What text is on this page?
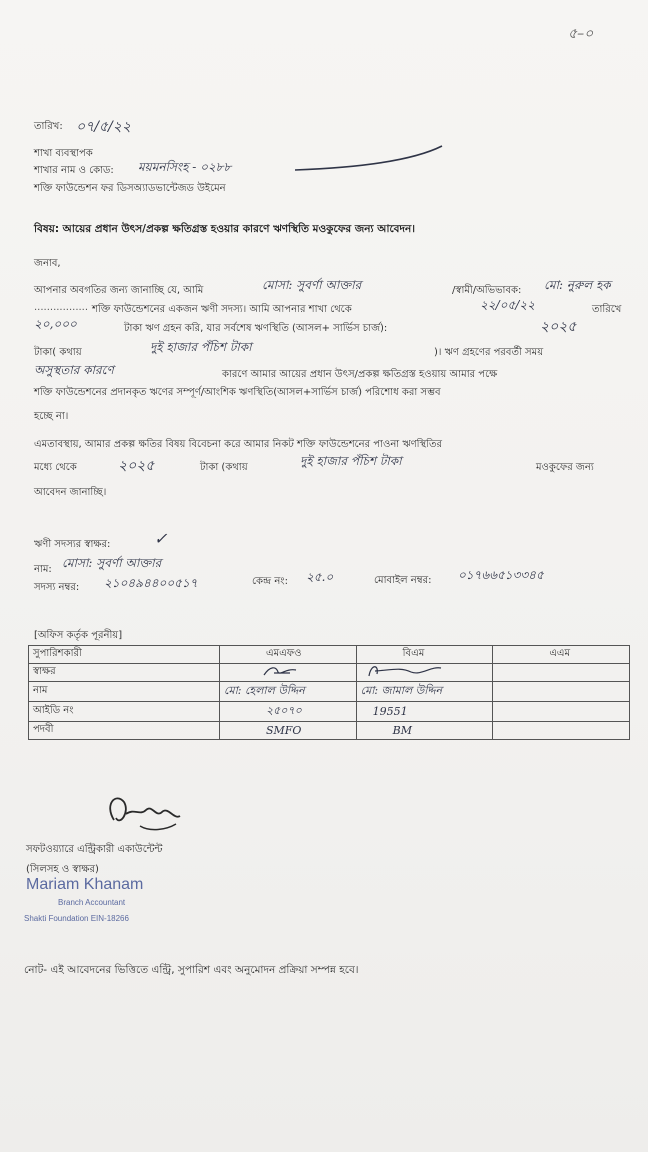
৫–০
তারিখ: ০৭/৫/২২
শাখা ব্যবস্থাপক
শাখার নাম ও কোড: ময়মনসিংহ - ০২৮৮
শক্তি ফাউন্ডেশন ফর ডিসঅ্যাডভান্টেজড উইমেন
বিষয়: আয়ের প্রধান উৎস/প্রকল্প ক্ষতিগ্রস্ত হওয়ার কারণে ঋণস্থিতি মওকুফের জন্য আবেদন।
জনাব,
আপনার অবগতির জন্য জানাচ্ছি যে, আমি	মোসা: সুবর্ণা আক্তার	/স্বামী/অভিভাবক: মো: নুরুল হক
................. শক্তি ফাউন্ডেশনের একজন ঋণী সদস্য। আমি আপনার শাখা থেকে	২২/০৫/২২	তারিখে
২০,০০০	টাকা ঋণ গ্রহন করি, যার সর্বশেষ ঋণস্থিতি (আসল+ সার্ভিস চার্জ):	২০২৫
টাকা( কথায়	দুই হাজার পঁচিশ টাকা	)। ঋণ গ্রহণের পরবর্তী সময়
অসুস্থতার কারণে	কারণে আমার আয়ের প্রধান উৎস/প্রকল্প ক্ষতিগ্রস্ত হওয়ায় আমার পক্ষে
শক্তি ফাউন্ডেশনের প্রদানকৃত ঋণের সম্পূর্ণ/আংশিক ঋণস্থিতি(আসল+সার্ভিস চার্জ) পরিশোধ করা সম্ভব
হচ্ছে না।
এমতাবস্থায়, আমার প্রকল্প ক্ষতির বিষয় বিবেচনা করে আমার নিকট শক্তি ফাউন্ডেশনের পাওনা ঋণস্থিতির
মধ্যে থেকে	২০২৫	টাকা (কথায়	দুই হাজার পঁচিশ টাকা	মওকুফের জন্য
আবেদন জানাচ্ছি।
ঋণী সদস্যর স্বাক্ষর:	✓
নাম: মোসা: সুবর্ণা আক্তার
সদস্য নম্বর: ২১০৪৯৪৪০০৫১৭	কেন্দ্র নং: ২৫.০	মোবাইল নম্বর: ০১৭৬৬৫১৩৩৪৫
[অফিস কর্তৃক পূরনীয়]
সুপারিশকারী	এমএফও	বিএম	এএম
স্বাক্ষর			
নাম	মো: হেলাল উদ্দিন	মো: জামাল উদ্দিন	
আইডি নং	২৫০৭০	19551	
পদবী	SMFO	BM	
সফটওয়্যারে এন্ট্রিকারী একাউন্টেন্ট
(সিলসহ ও স্বাক্ষর)
Mariam Khanam
Branch Accountant
Shakti Foundation EIN-18266
নোট- এই আবেদনের ভিত্তিতে এন্ট্রি, সুপারিশ এবং অনুমোদন প্রক্রিয়া সম্পন্ন হবে।
